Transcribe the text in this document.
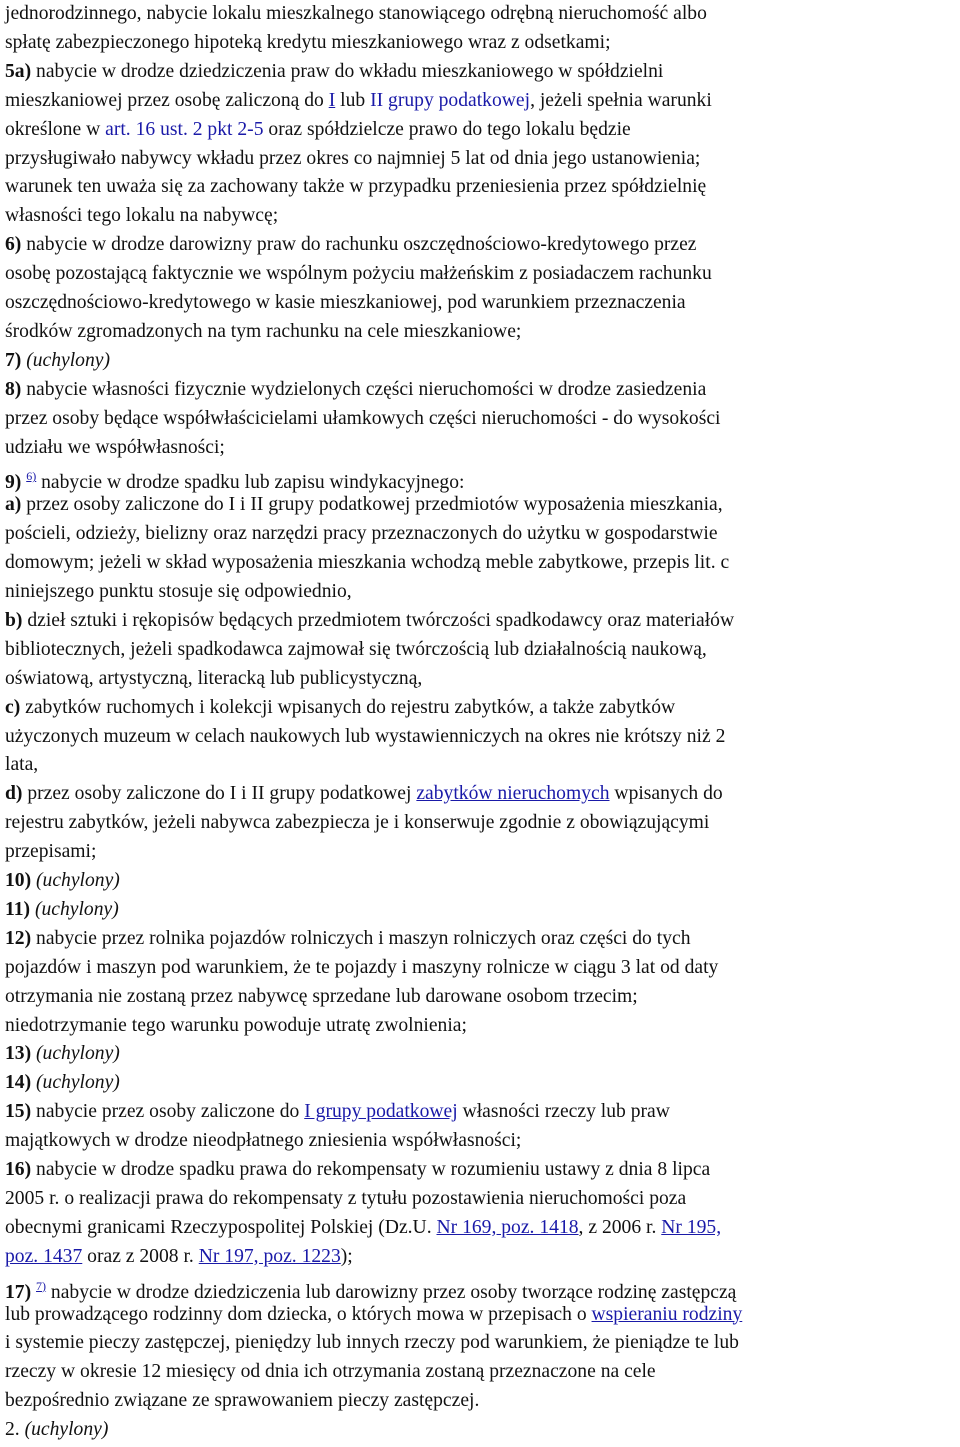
jednorodzinnego, nabycie lokalu mieszkalnego stanowiącego odrębną nieruchomość albo
spłatę zabezpieczonego hipoteką kredytu mieszkaniowego wraz z odsetkami;
5a) nabycie w drodze dziedziczenia praw do wkładu mieszkaniowego w spółdzielni
mieszkaniowej przez osobę zaliczoną do I lub II grupy podatkowej, jeżeli spełnia warunki
określone w art. 16 ust. 2 pkt 2-5 oraz spółdzielcze prawo do tego lokalu będzie
przysługiwało nabywcy wkładu przez okres co najmniej 5 lat od dnia jego ustanowienia;
warunek ten uważa się za zachowany także w przypadku przeniesienia przez spółdzielnię
własności tego lokalu na nabywcę;
6) nabycie w drodze darowizny praw do rachunku oszczędnościowo-kredytowego przez
osobę pozostającą faktycznie we wspólnym pożyciu małżeńskim z posiadaczem rachunku
oszczędnościowo-kredytowego w kasie mieszkaniowej, pod warunkiem przeznaczenia
środków zgromadzonych na tym rachunku na cele mieszkaniowe;
7) (uchylony)
8) nabycie własności fizycznie wydzielonych części nieruchomości w drodze zasiedzenia
przez osoby będące współwłaścicielami ułamkowych części nieruchomości - do wysokości
udziału we współwłasności;
9) $^{6)}$ nabycie w drodze spadku lub zapisu windykacyjnego:
a) przez osoby zaliczone do I i II grupy podatkowej przedmiotów wyposażenia mieszkania,
pościeli, odzieży, bielizny oraz narzędzi pracy przeznaczonych do użytku w gospodarstwie
domowym; jeżeli w skład wyposażenia mieszkania wchodzą meble zabytkowe, przepis lit. c
niniejszego punktu stosuje się odpowiednio,
b) dzieł sztuki i rękopisów będących przedmiotem twórczości spadkodawcy oraz materiałów
bibliotecznych, jeżeli spadkodawca zajmował się twórczością lub działalnością naukową,
oświatową, artystyczną, literacką lub publicystyczną,
c) zabytków ruchomych i kolekcji wpisanych do rejestru zabytków, a także zabytków
użyczonych muzeum w celach naukowych lub wystawienniczych na okres nie krótszy niż 2
lata,
d) przez osoby zaliczone do I i II grupy podatkowej zabytków nieruchomych wpisanych do
rejestru zabytków, jeżeli nabywca zabezpiecza je i konserwuje zgodnie z obowiązującymi
przepisami;
10) (uchylony)
11) (uchylony)
12) nabycie przez rolnika pojazdów rolniczych i maszyn rolniczych oraz części do tych
pojazdów i maszyn pod warunkiem, że te pojazdy i maszyny rolnicze w ciągu 3 lat od daty
otrzymania nie zostaną przez nabywcę sprzedane lub darowane osobom trzecim;
niedotrzymanie tego warunku powoduje utratę zwolnienia;
13) (uchylony)
14) (uchylony)
15) nabycie przez osoby zaliczone do I grupy podatkowej własności rzeczy lub praw
majątkowych w drodze nieodpłatnego zniesienia współwłasności;
16) nabycie w drodze spadku prawa do rekompensaty w rozumieniu ustawy z dnia 8 lipca
2005 r. o realizacji prawa do rekompensaty z tytułu pozostawienia nieruchomości poza
obecnymi granicami Rzeczypospolitej Polskiej (Dz.U. Nr 169, poz. 1418, z 2006 r. Nr 195,
poz. 1437 oraz z 2008 r. Nr 197, poz. 1223);
17) $^{7)}$ nabycie w drodze dziedziczenia lub darowizny przez osoby tworzące rodzinę zastępczą
lub prowadzącego rodzinny dom dziecka, o których mowa w przepisach o wspieraniu rodziny
i systemie pieczy zastępczej, pieniędzy lub innych rzeczy pod warunkiem, że pieniądze te lub
rzeczy w okresie 12 miesięcy od dnia ich otrzymania zostaną przeznaczone na cele
bezpośrednio związane ze sprawowaniem pieczy zastępczej.
2. (uchylony)
